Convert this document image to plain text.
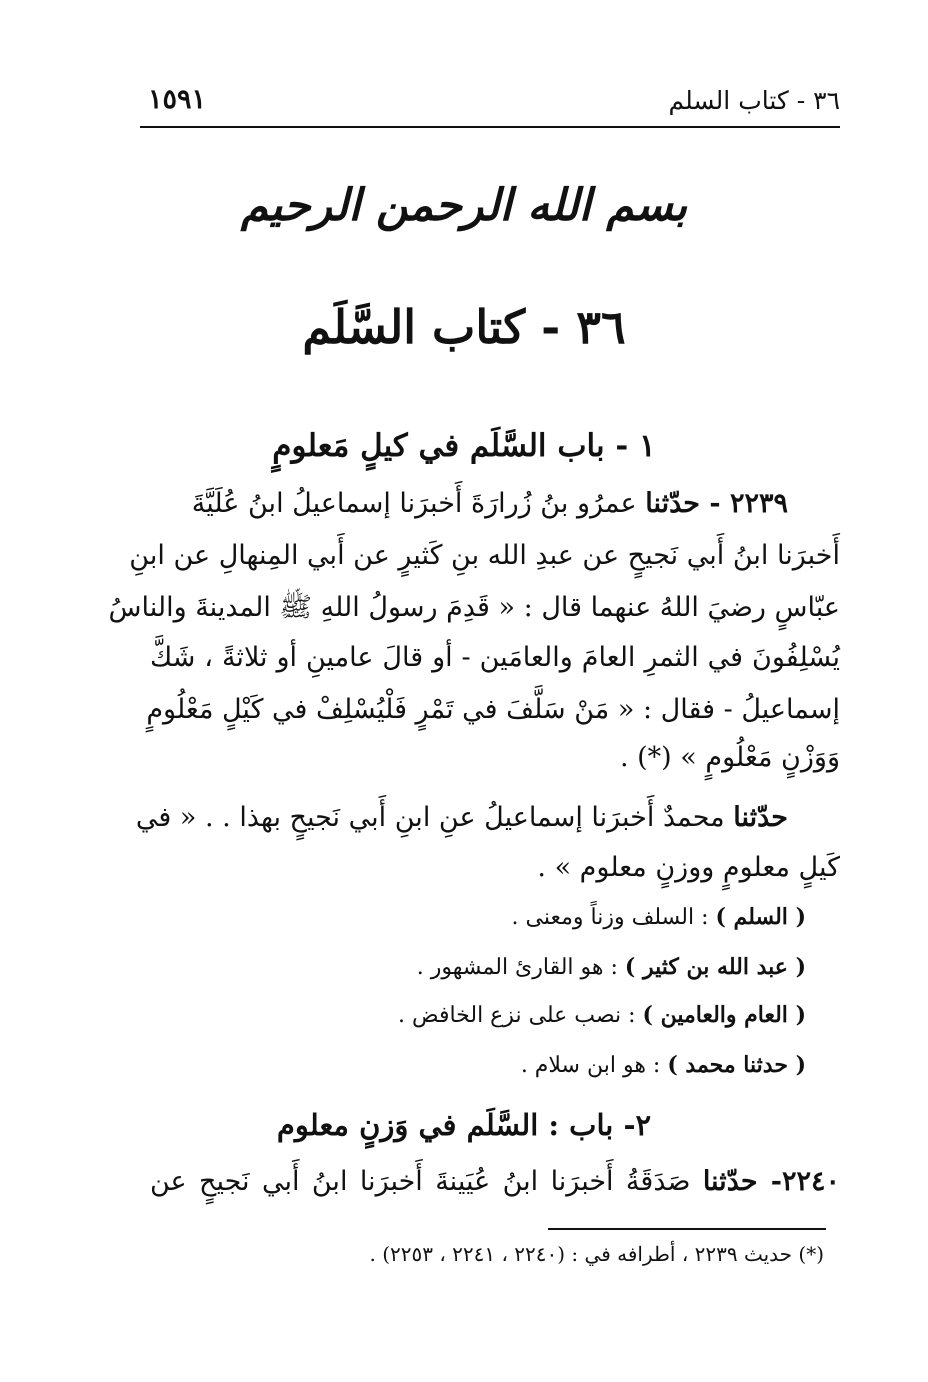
٣٦ - كتاب السلم
١٥٩١
بسم الله الرحمن الرحيم
٣٦ - كتاب السَّلَم
١ - باب السَّلَم في كيلٍ مَعلومٍ
٢٢٣٩ - حدّثنا عمرُو بنُ زُرارَةَ أَخبرَنا إسماعيلُ ابنُ عُلَيَّةَ
أَخبرَنا ابنُ أَبي نَجيحٍ عن عبدِ الله بنِ كَثيرٍ عن أَبي المِنهالِ عن ابنِ
عبّاسٍ رضيَ اللهُ عنهما قال : « قَدِمَ رسولُ اللهِ ﷺ المدينةَ والناسُ
يُسْلِفُونَ في الثمرِ العامَ والعامَين - أو قالَ عامينِ أو ثلاثةً ، شَكَّ
إسماعيلُ - فقال : « مَنْ سَلَّفَ في تَمْرٍ فَلْيُسْلِفْ في كَيْلٍ مَعْلُومٍ
وَوَزْنٍ مَعْلُومٍ » (*) .
حدّثنا محمدٌ أَخبرَنا إسماعيلُ عنِ ابنِ أَبي نَجيحٍ بهذا . . « في
كَيلٍ معلومٍ ووزنٍ معلوم » .
( السلم ) : السلف وزناً ومعنى .
( عبد الله بن كثير ) : هو القارئ المشهور .
( العام والعامين ) : نصب على نزع الخافض .
( حدثنا محمد ) : هو ابن سلام .
٢- باب : السَّلَم في وَزنٍ معلوم
٢٢٤٠- حدّثنا صَدَقَةُ أَخبرَنا ابنُ عُيَينةَ أَخبرَنا ابنُ أَبي نَجيحٍ عن
(*) حديث ٢٢٣٩ ، أطرافه في : (٢٢٤٠ ، ٢٢٤١ ، ٢٢٥٣) .
